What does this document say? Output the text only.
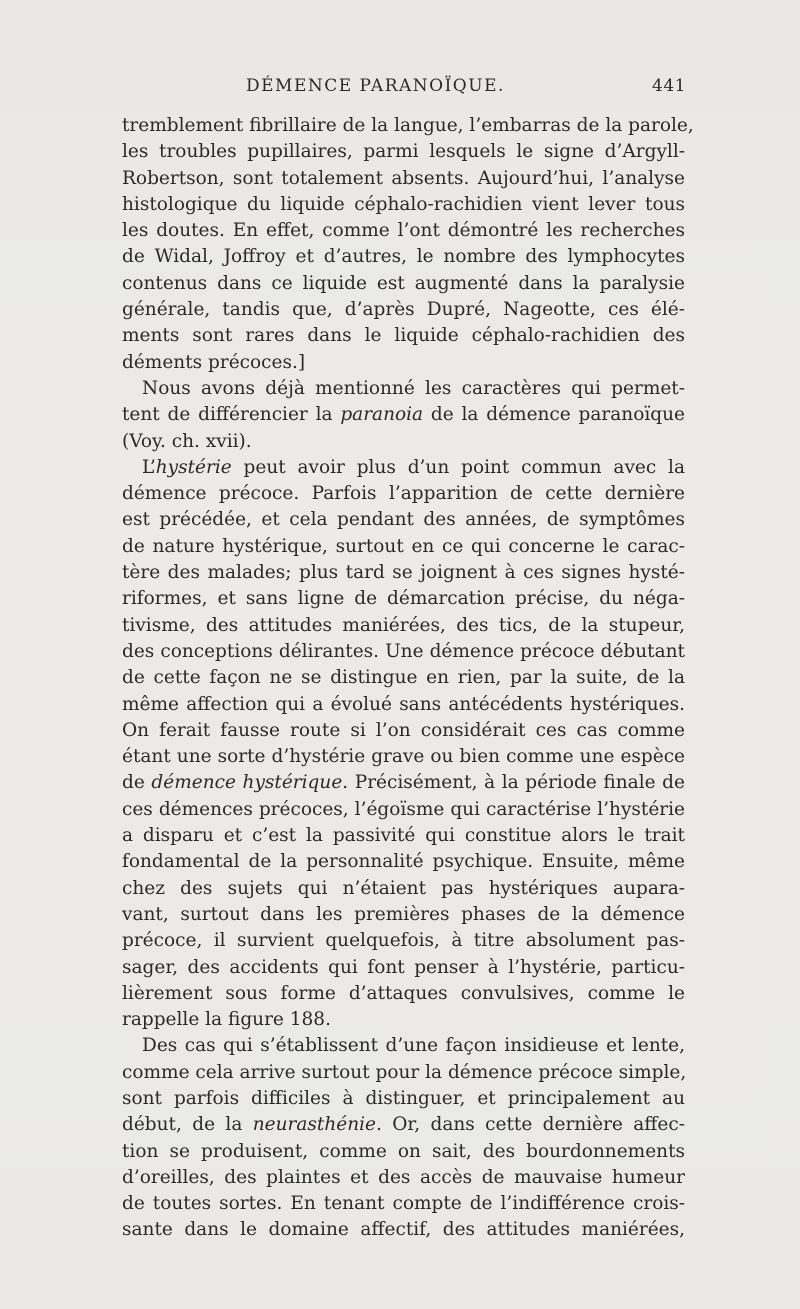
DÉMENCE PARANOÏQUE.	441
tremblement fibrillaire de la langue, l’embarras de la parole,
les troubles pupillaires, parmi lesquels le signe d’Argyll-
Robertson, sont totalement absents. Aujourd’hui, l’analyse
histologique du liquide céphalo-rachidien vient lever tous
les doutes. En effet, comme l’ont démontré les recherches
de Widal, Joffroy et d’autres, le nombre des lymphocytes
contenus dans ce liquide est augmenté dans la paralysie
générale, tandis que, d’après Dupré, Nageotte, ces élé-
ments sont rares dans le liquide céphalo-rachidien des
déments précoces.]
Nous avons déjà mentionné les caractères qui permet-
tent de différencier la paranoia de la démence paranoïque
(Voy. ch. xvii).
L’hystérie peut avoir plus d’un point commun avec la
démence précoce. Parfois l’apparition de cette dernière
est précédée, et cela pendant des années, de symptômes
de nature hystérique, surtout en ce qui concerne le carac-
tère des malades; plus tard se joignent à ces signes hysté-
riformes, et sans ligne de démarcation précise, du néga-
tivisme, des attitudes maniérées, des tics, de la stupeur,
des conceptions délirantes. Une démence précoce débutant
de cette façon ne se distingue en rien, par la suite, de la
même affection qui a évolué sans antécédents hystériques.
On ferait fausse route si l’on considérait ces cas comme
étant une sorte d’hystérie grave ou bien comme une espèce
de démence hystérique. Précisément, à la période finale de
ces démences précoces, l’égoïsme qui caractérise l’hystérie
a disparu et c’est la passivité qui constitue alors le trait
fondamental de la personnalité psychique. Ensuite, même
chez des sujets qui n’étaient pas hystériques aupara-
vant, surtout dans les premières phases de la démence
précoce, il survient quelquefois, à titre absolument pas-
sager, des accidents qui font penser à l’hystérie, particu-
lièrement sous forme d’attaques convulsives, comme le
rappelle la figure 188.
Des cas qui s’établissent d’une façon insidieuse et lente,
comme cela arrive surtout pour la démence précoce simple,
sont parfois difficiles à distinguer, et principalement au
début, de la neurasthénie. Or, dans cette dernière affec-
tion se produisent, comme on sait, des bourdonnements
d’oreilles, des plaintes et des accès de mauvaise humeur
de toutes sortes. En tenant compte de l’indifférence crois-
sante dans le domaine affectif, des attitudes maniérées,
